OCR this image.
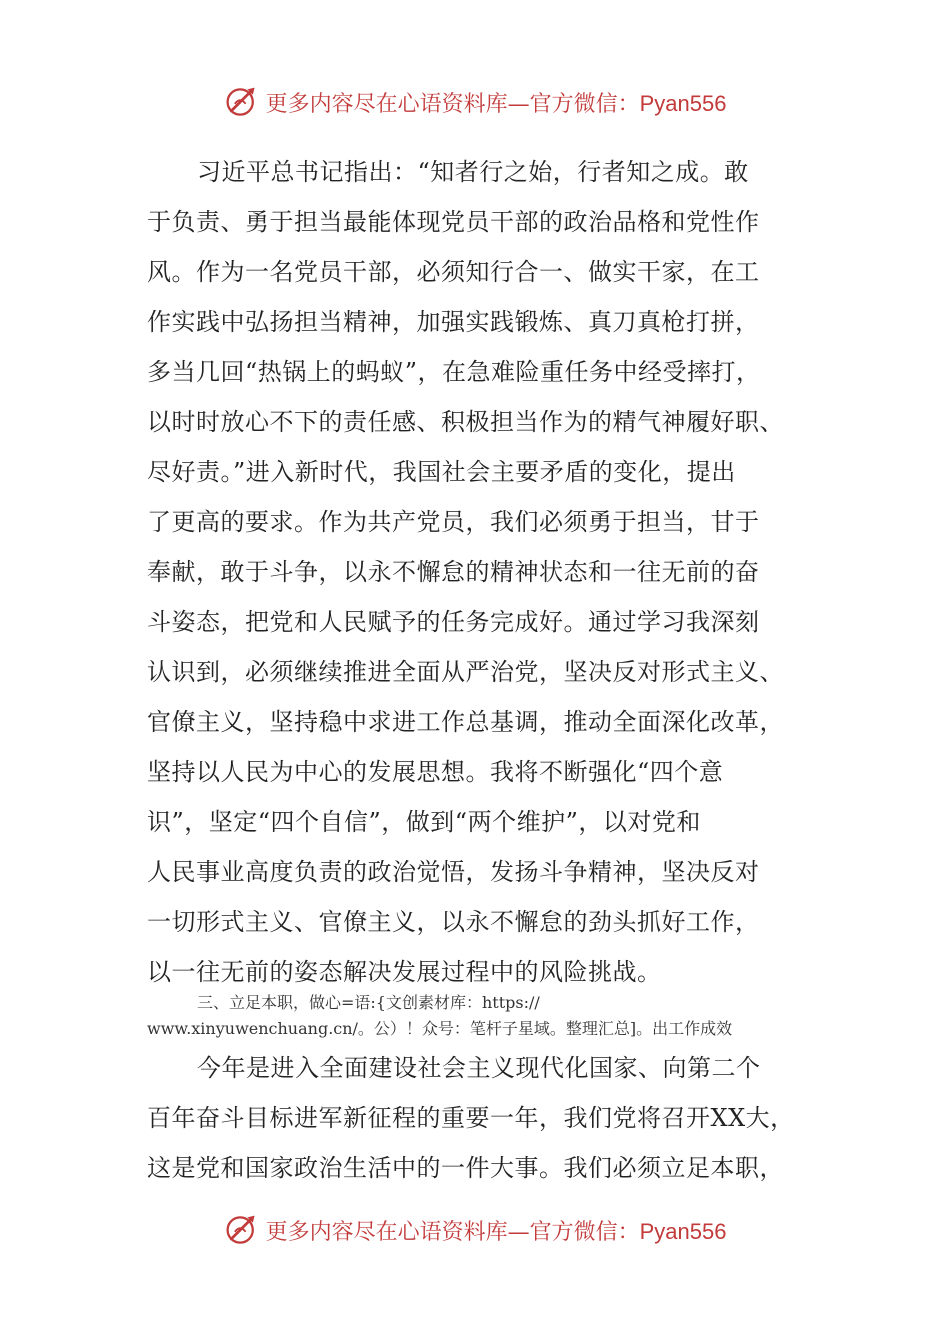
更多内容尽在心语资料库—官方微信：Pyan556
习近平总书记指出：“知者行之始，行者知之成。敢
于负责、勇于担当最能体现党员干部的政治品格和党性作
风。作为一名党员干部，必须知行合一、做实干家，在工
作实践中弘扬担当精神，加强实践锻炼、真刀真枪打拼，
多当几回“热锅上的蚂蚁”，在急难险重任务中经受摔打，
以时时放心不下的责任感、积极担当作为的精气神履好职、
尽好责。”进入新时代，我国社会主要矛盾的变化，提出
了更高的要求。作为共产党员，我们必须勇于担当，甘于
奉献，敢于斗争，以永不懈怠的精神状态和一往无前的奋
斗姿态，把党和人民赋予的任务完成好。通过学习我深刻
认识到，必须继续推进全面从严治党，坚决反对形式主义、
官僚主义，坚持稳中求进工作总基调，推动全面深化改革，
坚持以人民为中心的发展思想。我将不断强化“四个意
识”，坚定“四个自信”，做到“两个维护”，以对党和
人民事业高度负责的政治觉悟，发扬斗争精神，坚决反对
一切形式主义、官僚主义，以永不懈怠的劲头抓好工作，
以一往无前的姿态解决发展过程中的风险挑战。
三、立足本职，做心=语:{文创素材库：https://
www.xinyuwenchuang.cn/。公）！众号：笔杆子星域。整理汇总]。出工作成效
今年是进入全面建设社会主义现代化国家、向第二个
百年奋斗目标进军新征程的重要一年，我们党将召开XX大，
这是党和国家政治生活中的一件大事。我们必须立足本职，
更多内容尽在心语资料库—官方微信：Pyan556
